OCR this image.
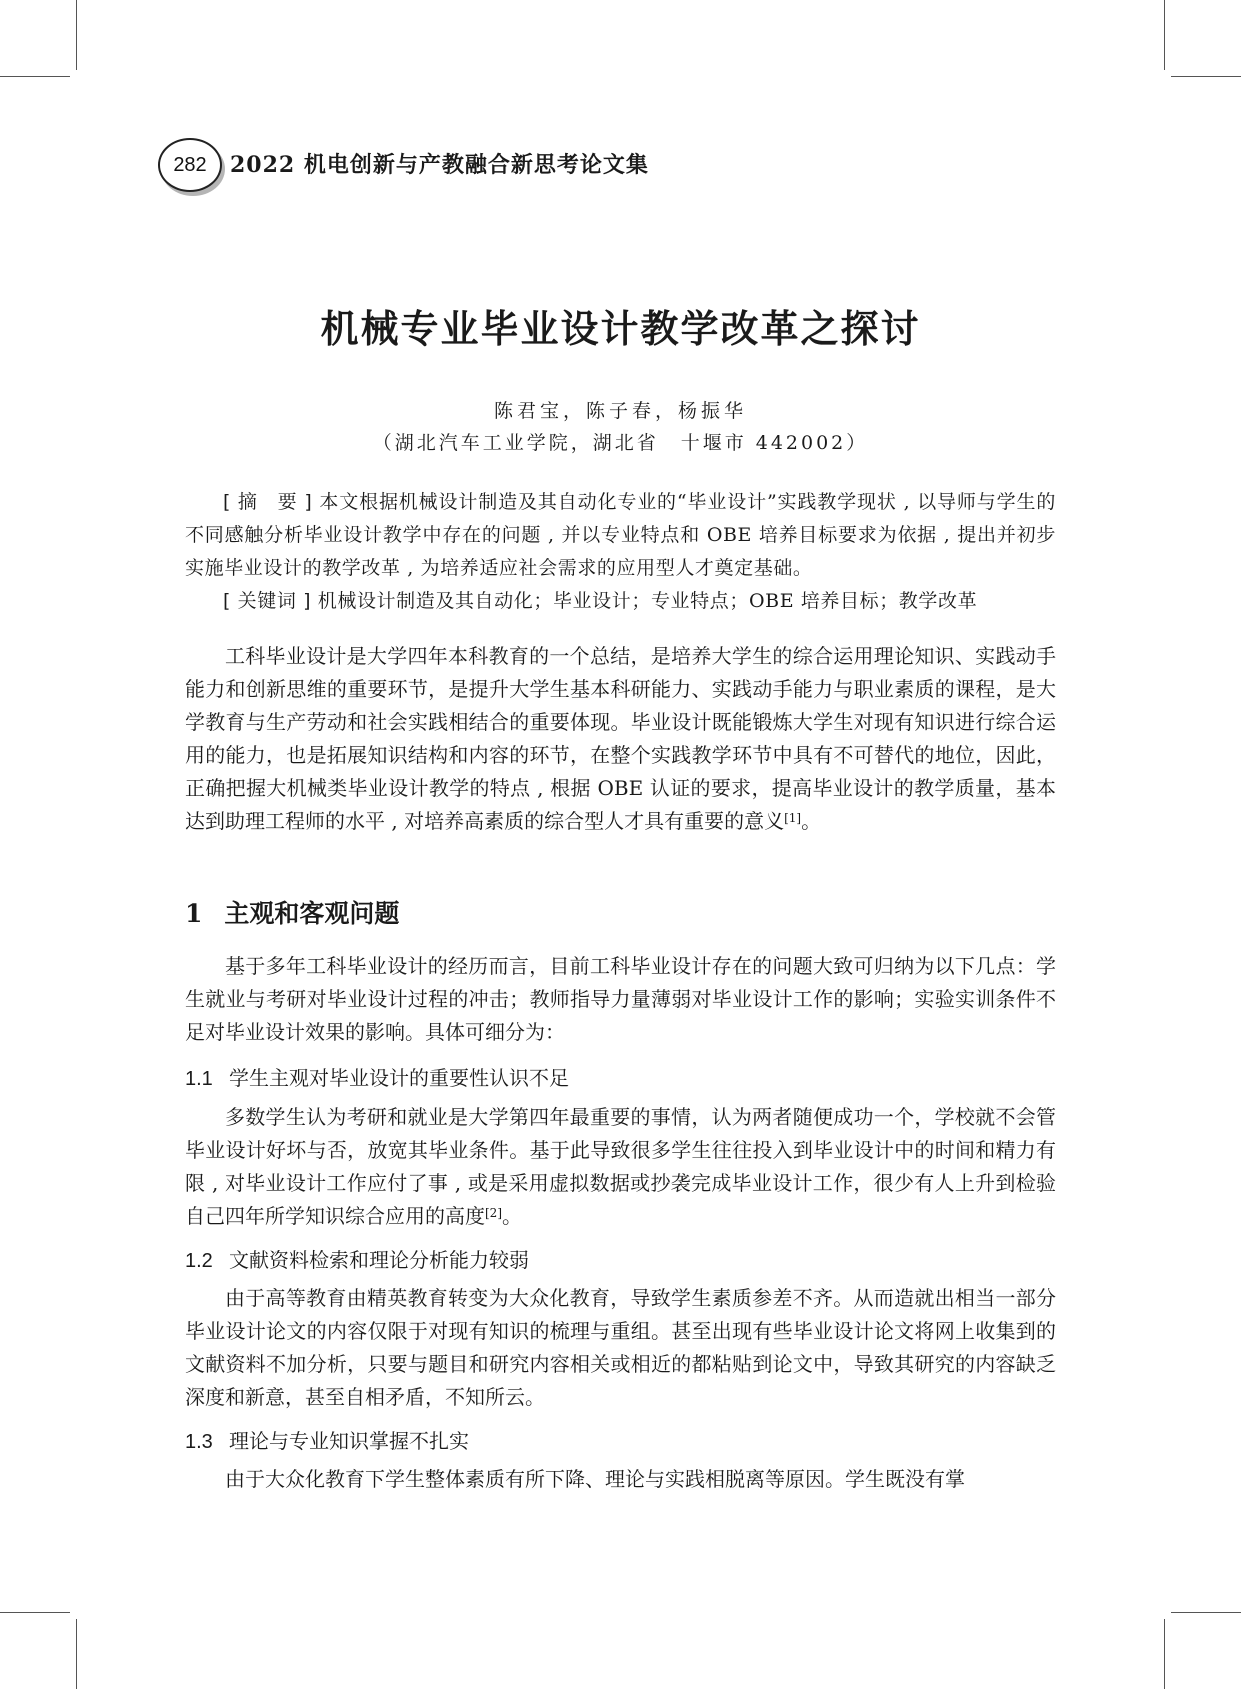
282 2022 机电创新与产教融合新思考论文集
机械专业毕业设计教学改革之探讨
陈君宝，陈子春，杨振华
（湖北汽车工业学院，湖北省　十堰市 442002）
[ 摘　要 ] 本文根据机械设计制造及其自动化专业的“毕业设计”实践教学现状 , 以导师与学生的不同感触分析毕业设计教学中存在的问题 , 并以专业特点和 OBE 培养目标要求为依据 , 提出并初步实施毕业设计的教学改革 , 为培养适应社会需求的应用型人才奠定基础。
[ 关键词 ] 机械设计制造及其自动化；毕业设计；专业特点；OBE 培养目标；教学改革
工科毕业设计是大学四年本科教育的一个总结，是培养大学生的综合运用理论知识、实践动手能力和创新思维的重要环节，是提升大学生基本科研能力、实践动手能力与职业素质的课程，是大学教育与生产劳动和社会实践相结合的重要体现。毕业设计既能锻炼大学生对现有知识进行综合运用的能力，也是拓展知识结构和内容的环节，在整个实践教学环节中具有不可替代的地位，因此，正确把握大机械类毕业设计教学的特点 , 根据 OBE 认证的要求，提高毕业设计的教学质量，基本达到助理工程师的水平 , 对培养高素质的综合型人才具有重要的意义[1]。
1 主观和客观问题
基于多年工科毕业设计的经历而言，目前工科毕业设计存在的问题大致可归纳为以下几点：学生就业与考研对毕业设计过程的冲击；教师指导力量薄弱对毕业设计工作的影响；实验实训条件不足对毕业设计效果的影响。具体可细分为：
1.1 学生主观对毕业设计的重要性认识不足
多数学生认为考研和就业是大学第四年最重要的事情，认为两者随便成功一个，学校就不会管毕业设计好坏与否，放宽其毕业条件。基于此导致很多学生往往投入到毕业设计中的时间和精力有限 , 对毕业设计工作应付了事 , 或是采用虚拟数据或抄袭完成毕业设计工作，很少有人上升到检验自己四年所学知识综合应用的高度[2]。
1.2 文献资料检索和理论分析能力较弱
由于高等教育由精英教育转变为大众化教育，导致学生素质参差不齐。从而造就出相当一部分毕业设计论文的内容仅限于对现有知识的梳理与重组。甚至出现有些毕业设计论文将网上收集到的文献资料不加分析，只要与题目和研究内容相关或相近的都粘贴到论文中，导致其研究的内容缺乏深度和新意，甚至自相矛盾，不知所云。
1.3 理论与专业知识掌握不扎实
由于大众化教育下学生整体素质有所下降、理论与实践相脱离等原因。学生既没有掌
